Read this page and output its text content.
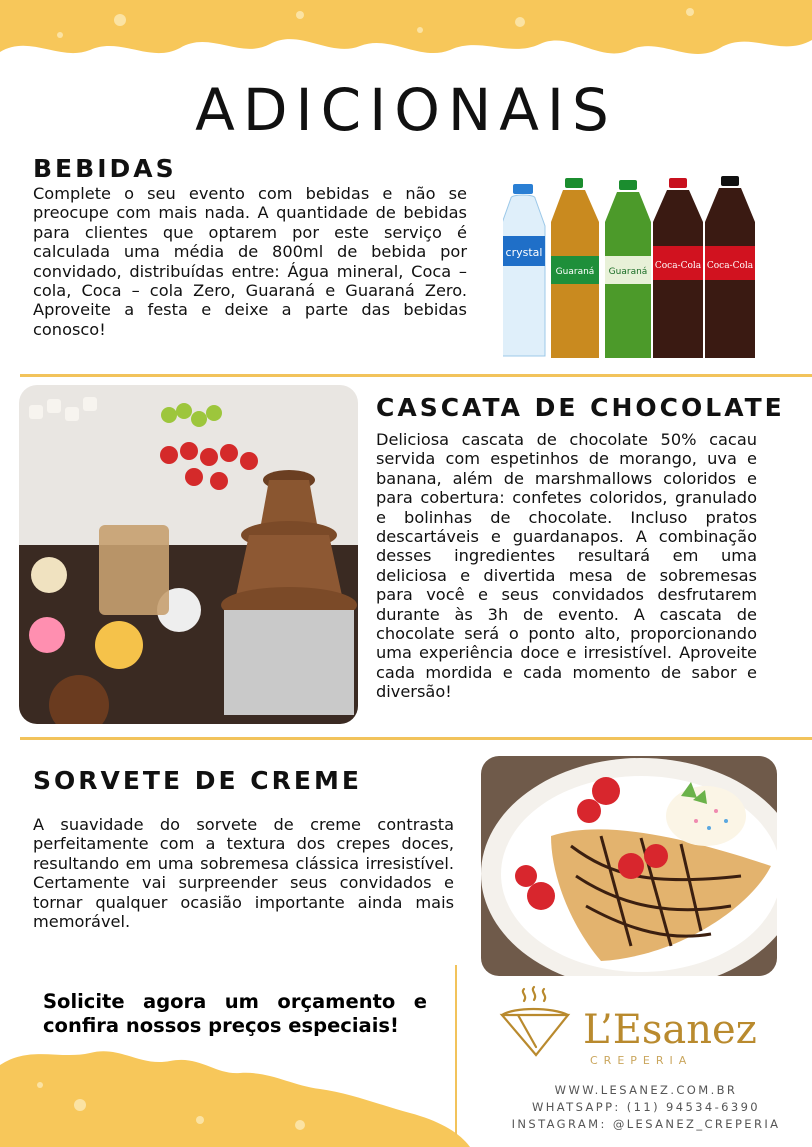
ADICIONAIS
BEBIDAS

Complete o seu evento com bebidas e não se preocupe com mais nada. A quantidade de bebidas para clientes que optarem por este serviço é calculada uma média de 800ml de bebida por convidado, distribuídas entre: Água mineral, Coca – cola, Coca – cola Zero, Guaraná e Guaraná Zero. Aproveite a festa e deixe a parte das bebidas conosco!

crystal
Guaraná Guaraná
Coca-Cola Coca-Cola
CASCATA DE CHOCOLATE

Deliciosa cascata de chocolate 50% cacau servida com espetinhos de morango, uva e banana, além de marshmallows coloridos e para cobertura: confetes coloridos, granulado e bolinhas de chocolate. Incluso pratos descartáveis e guardanapos. A combinação desses ingredientes resultará em uma deliciosa e divertida mesa de sobremesas para você e seus convidados desfrutarem durante às 3h de evento. A cascata de chocolate será o ponto alto, proporcionando uma experiência doce e irresistível. Aproveite cada mordida e cada momento de sabor e diversão!

SORVETE DE CREME

A suavidade do sorvete de creme contrasta perfeitamente com a textura dos crepes doces, resultando em uma sobremesa clássica irresistível. Certamente vai surpreender seus convidados e tornar qualquer ocasião importante ainda mais memorável.

Solicite agora um orçamento e confira nossos preços especiais!	L’Esanez
CREPERIA
WWW.LESANEZ.COM.BR
WHATSAPP: (11) 94534-6390
INSTAGRAM: @LESANEZ_CREPERIA
